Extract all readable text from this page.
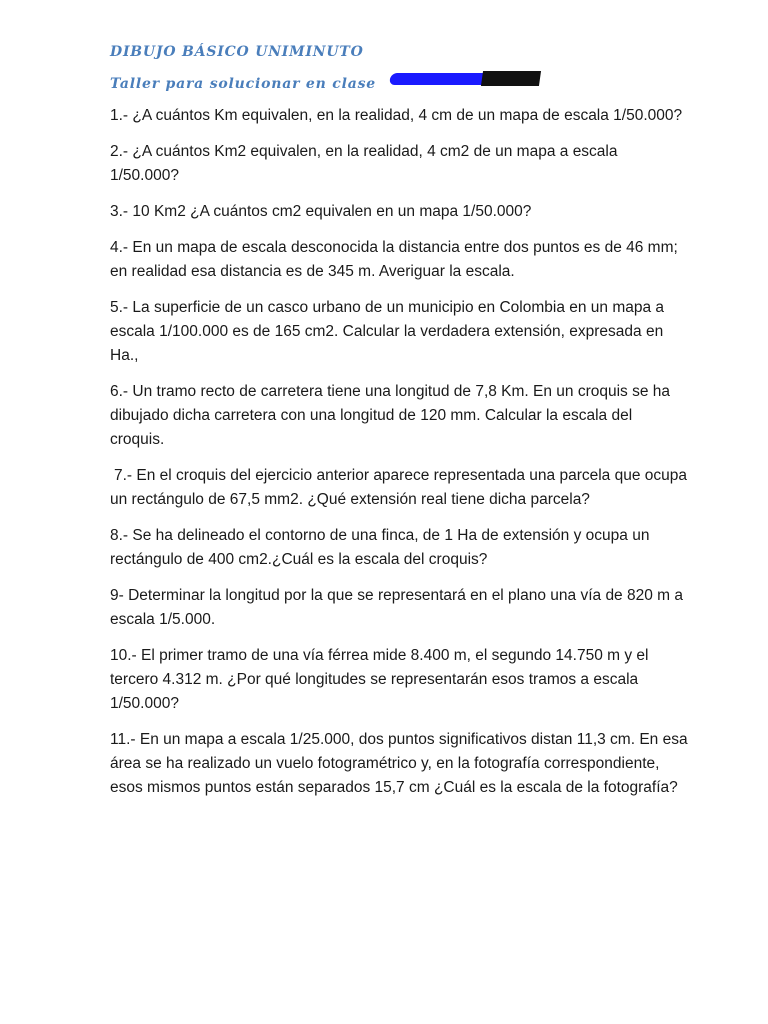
DIBUJO BÁSICO UNIMINUTO
Taller para solucionar en clase

1.- ¿A cuántos Km equivalen, en la realidad, 4 cm de un mapa de escala 1/50.000?

2.- ¿A cuántos Km2 equivalen, en la realidad, 4 cm2 de un mapa a escala 1/50.000?

3.- 10 Km2 ¿A cuántos cm2 equivalen en un mapa 1/50.000?

4.- En un mapa de escala desconocida la distancia entre dos puntos es de 46 mm; en realidad esa distancia es de 345 m. Averiguar la escala.

5.- La superficie de un casco urbano de un municipio en Colombia en un mapa a escala 1/100.000 es de 165 cm2. Calcular la verdadera extensión, expresada en Ha.,

6.- Un tramo recto de carretera tiene una longitud de 7,8 Km. En un croquis se ha dibujado dicha carretera con una longitud de 120 mm. Calcular la escala del croquis.

7.- En el croquis del ejercicio anterior aparece representada una parcela que ocupa un rectángulo de 67,5 mm2. ¿Qué extensión real tiene dicha parcela?

8.- Se ha delineado el contorno de una finca, de 1 Ha de extensión y ocupa un rectángulo de 400 cm2.¿Cuál es la escala del croquis?

9- Determinar la longitud por la que se representará en el plano una vía de 820 m a escala 1/5.000.

10.- El primer tramo de una vía férrea mide 8.400 m, el segundo 14.750 m y el tercero 4.312 m. ¿Por qué longitudes se representarán esos tramos a escala 1/50.000?

11.- En un mapa a escala 1/25.000, dos puntos significativos distan 11,3 cm. En esa área se ha realizado un vuelo fotogramétrico y, en la fotografía correspondiente, esos mismos puntos están separados 15,7 cm ¿Cuál es la escala de la fotografía?
